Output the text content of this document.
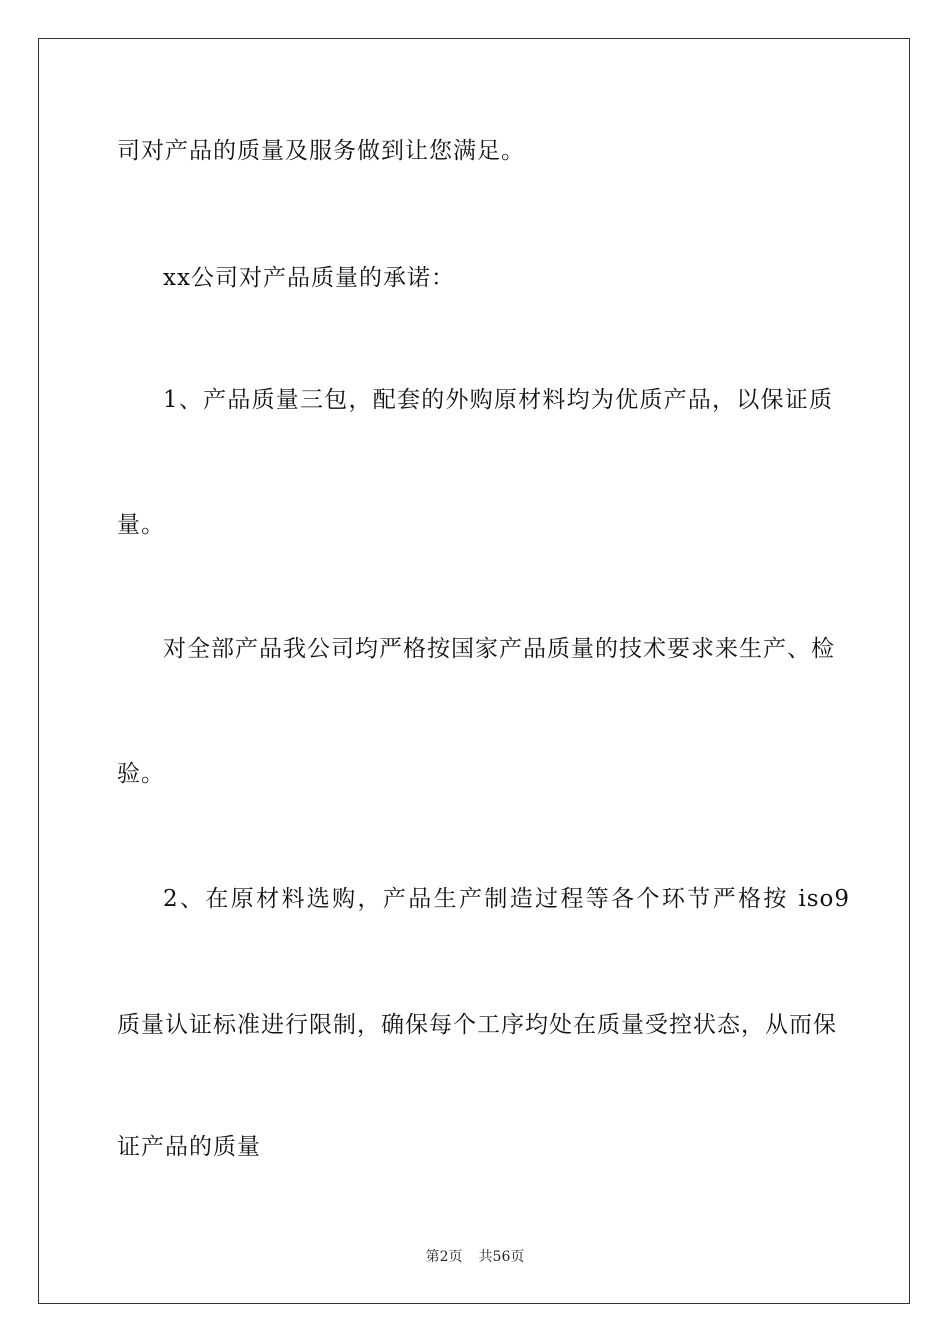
司对产品的质量及服务做到让您满足。
xx公司对产品质量的承诺：
1、产品质量三包，配套的外购原材料均为优质产品，以保证质
量。
对全部产品我公司均严格按国家产品质量的技术要求来生产、检
验。
2、在原材料选购，产品生产制造过程等各个环节严格按 iso9
质量认证标准进行限制，确保每个工序均处在质量受控状态，从而保
证产品的质量
第2页 共56页
